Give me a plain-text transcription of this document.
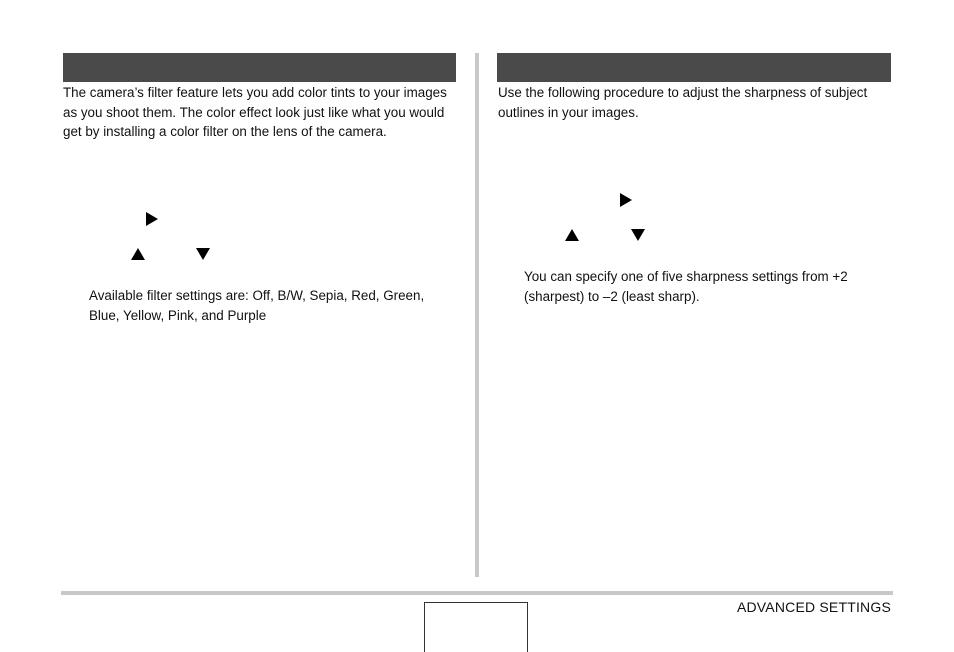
The camera’s filter feature lets you add color tints to your images as you shoot them. The color effect look just like what you would get by installing a color filter on the lens of the camera.

Available filter settings are: Off, B/W, Sepia, Red, Green, Blue, Yellow, Pink, and Purple

Use the following procedure to adjust the sharpness of subject outlines in your images.

You can specify one of five sharpness settings from +2 (sharpest) to –2 (least sharp).

ADVANCED SETTINGS
